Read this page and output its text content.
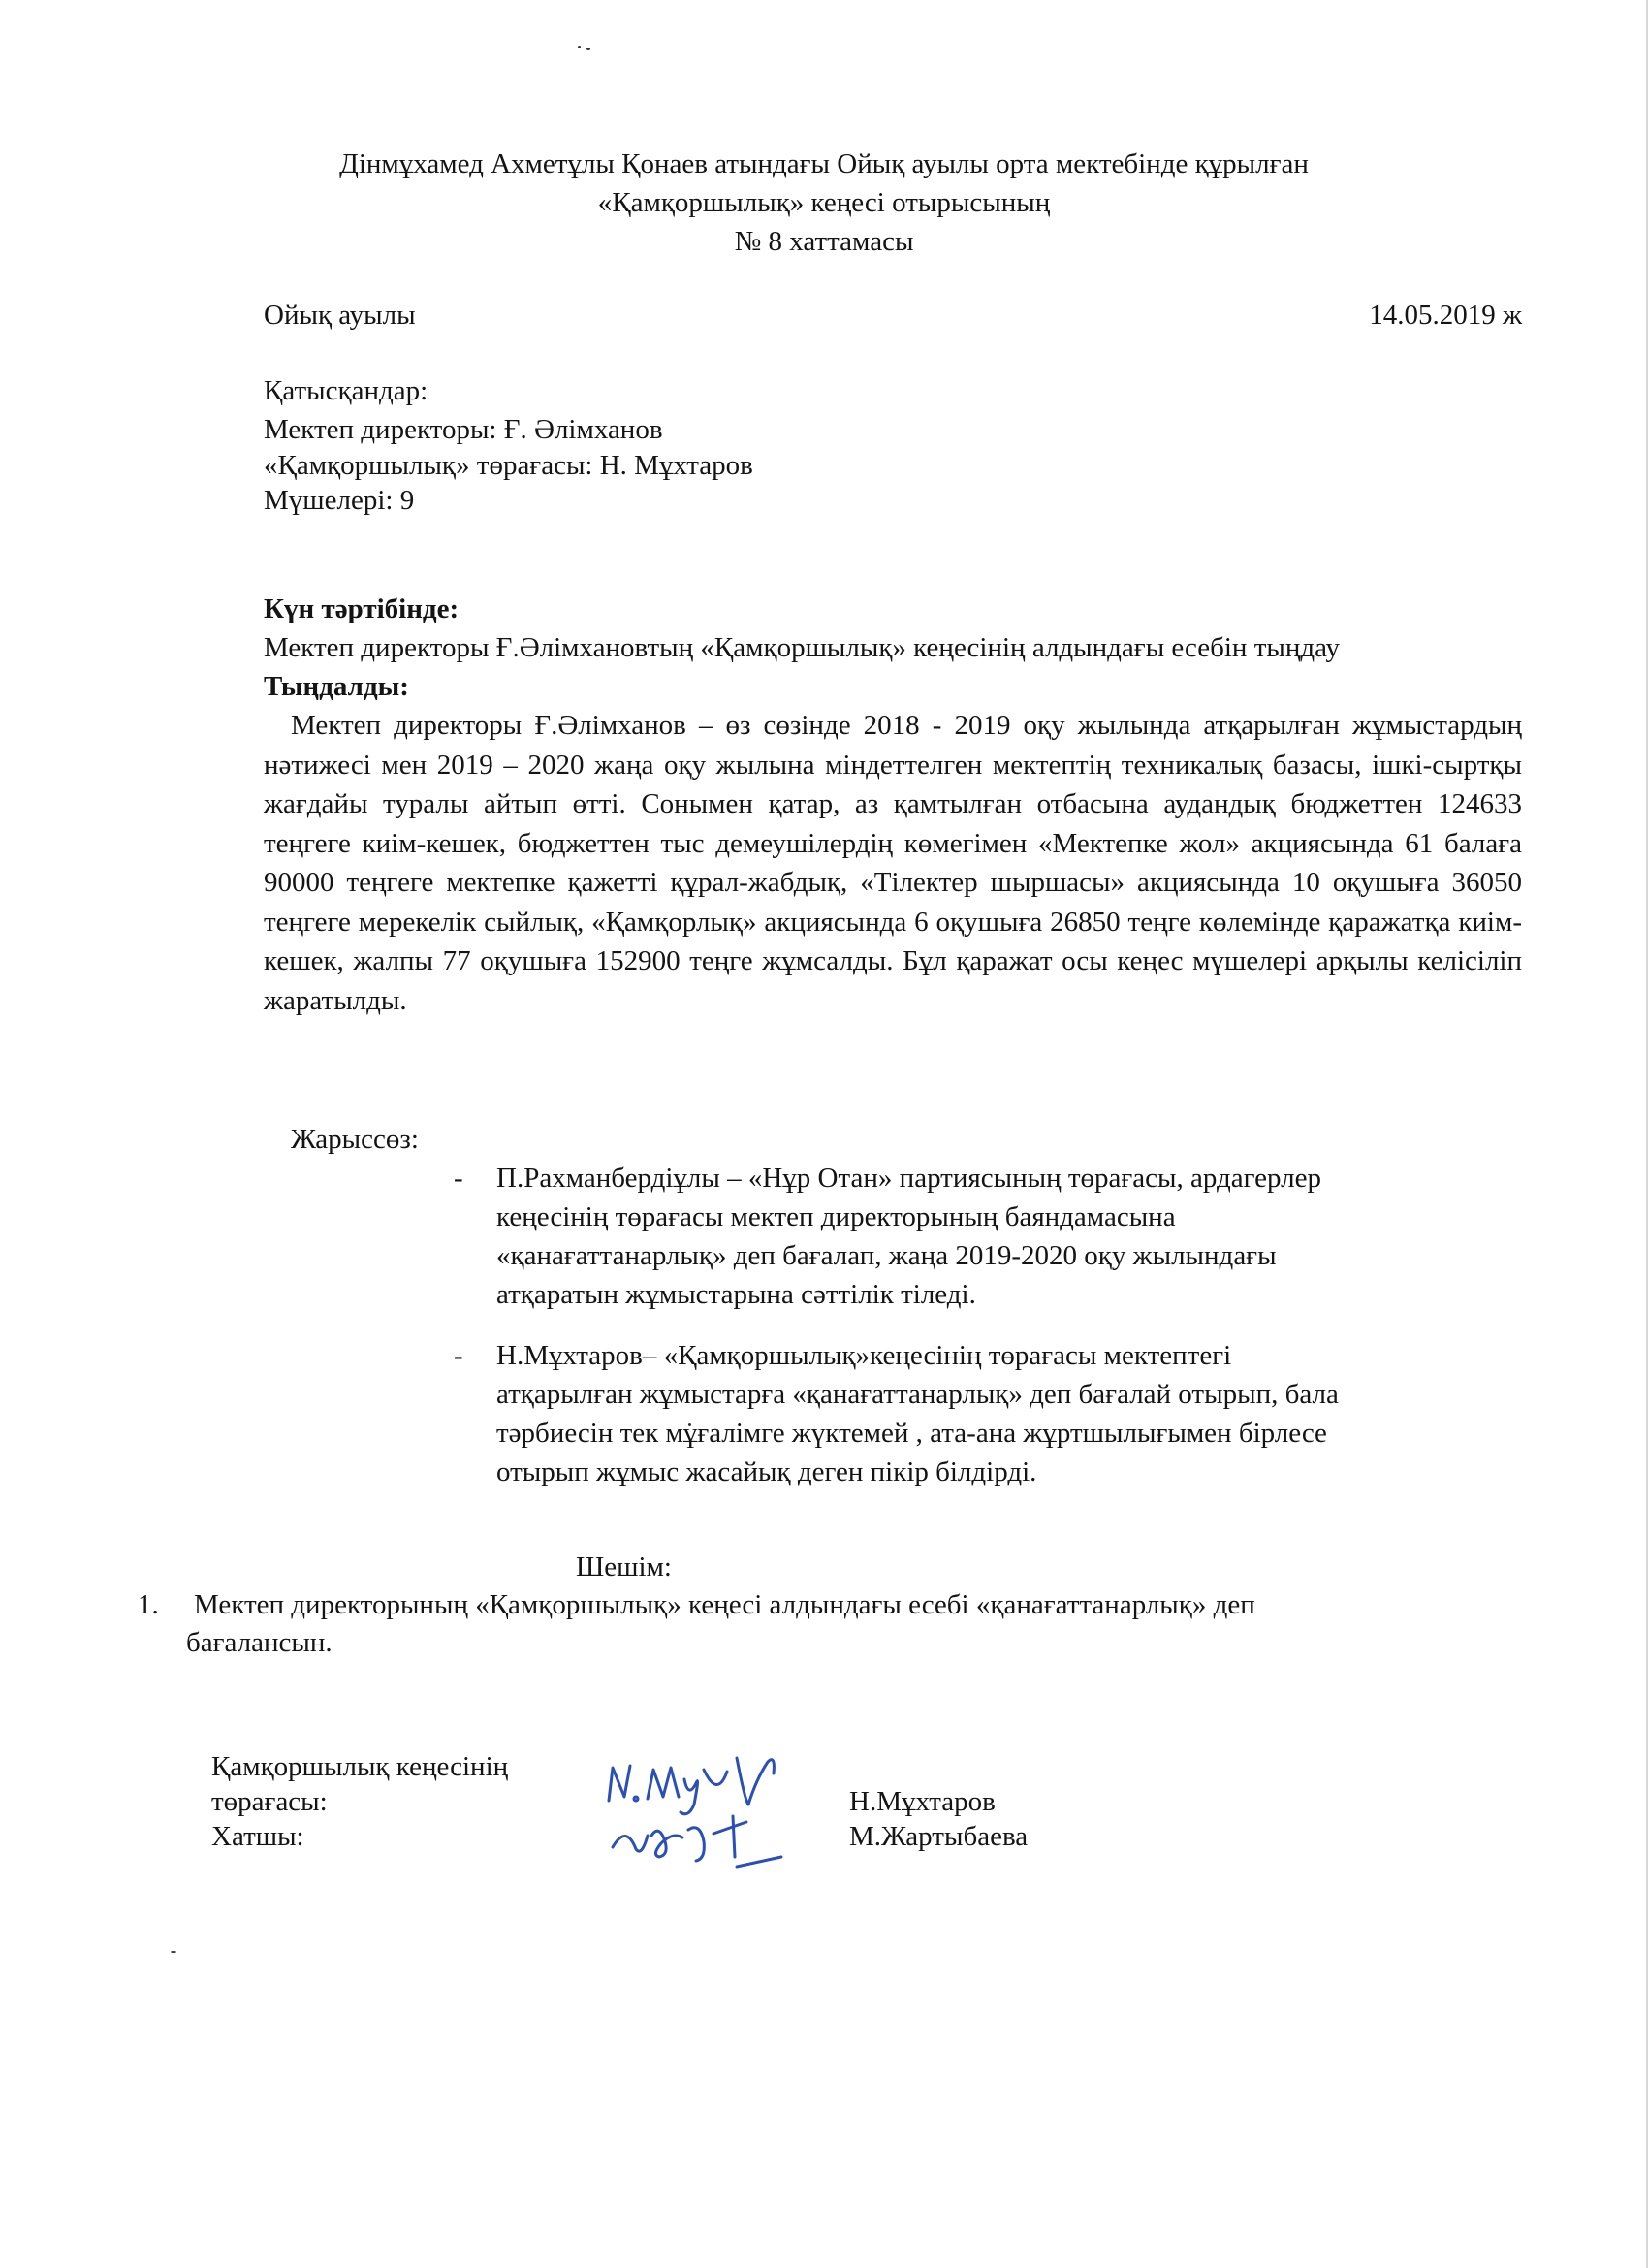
Дінмұхамед Ахметұлы Қонаев атындағы Ойық ауылы орта мектебінде құрылған
«Қамқоршылық» кеңесі отырысының
№ 8 хаттамасы
Ойық ауылы	14.05.2019 ж
Қатысқандар:
Мектеп директоры: Ғ. Әлімханов
«Қамқоршылық» төрағасы: Н. Мұхтаров
Мүшелері: 9
Күн тәртібінде:
Мектеп директоры Ғ.Әлімхановтың «Қамқоршылық» кеңесінің алдындағы есебін тыңдау
Тыңдалды:
Мектеп директоры Ғ.Әлімханов – өз сөзінде 2018 - 2019 оқу жылында атқарылған жұмыстардың нәтижесі мен 2019 – 2020 жаңа оқу жылына міндеттелген мектептің техникалық базасы, ішкі-сыртқы жағдайы туралы айтып өтті. Сонымен қатар, аз қамтылған отбасына аудандық бюджеттен 124633 теңгеге киім-кешек, бюджеттен тыс демеушілердің көмегімен «Мектепке жол» акциясында 61 балаға 90000 теңгеге мектепке қажетті құрал-жабдық, «Тілектер шыршасы» акциясында 10 оқушыға 36050 теңгеге мерекелік сыйлық, «Қамқорлық» акциясында 6 оқушыға 26850 теңге көлемінде қаражатқа киім-кешек, жалпы 77 оқушыға 152900 теңге жұмсалды. Бұл қаражат осы кеңес мүшелері арқылы келісіліп жаратылды.
Жарыссөз:
- П.Рахманбердіұлы – «Нұр Отан» партиясының төрағасы, ардагерлер

кеңесінің төрағасы мектеп директорының баяндамасына

«қанағаттанарлық» деп бағалап, жаңа 2019-2020 оқу жылындағы

атқаратын жұмыстарына сәттілік тіледі.

- Н.Мұхтаров– «Қамқоршылық»кеңесінің төрағасы мектептегі

атқарылған жұмыстарға «қанағаттанарлық» деп бағалай отырып, бала

тәрбиесін тек мұғалімге жүктемей , ата-ана жұртшылығымен бірлесе

отырып жұмыс жасайық деген пікір білдірді.

Шешім:
1. Мектеп директорының «Қамқоршылық» кеңесі алдындағы есебі «қанағаттанарлық» деп
бағалансын.
Қамқоршылық кеңесінің
төрағасы:
Хатшы:
Н.Мұхтаров
М.Жартыбаева
